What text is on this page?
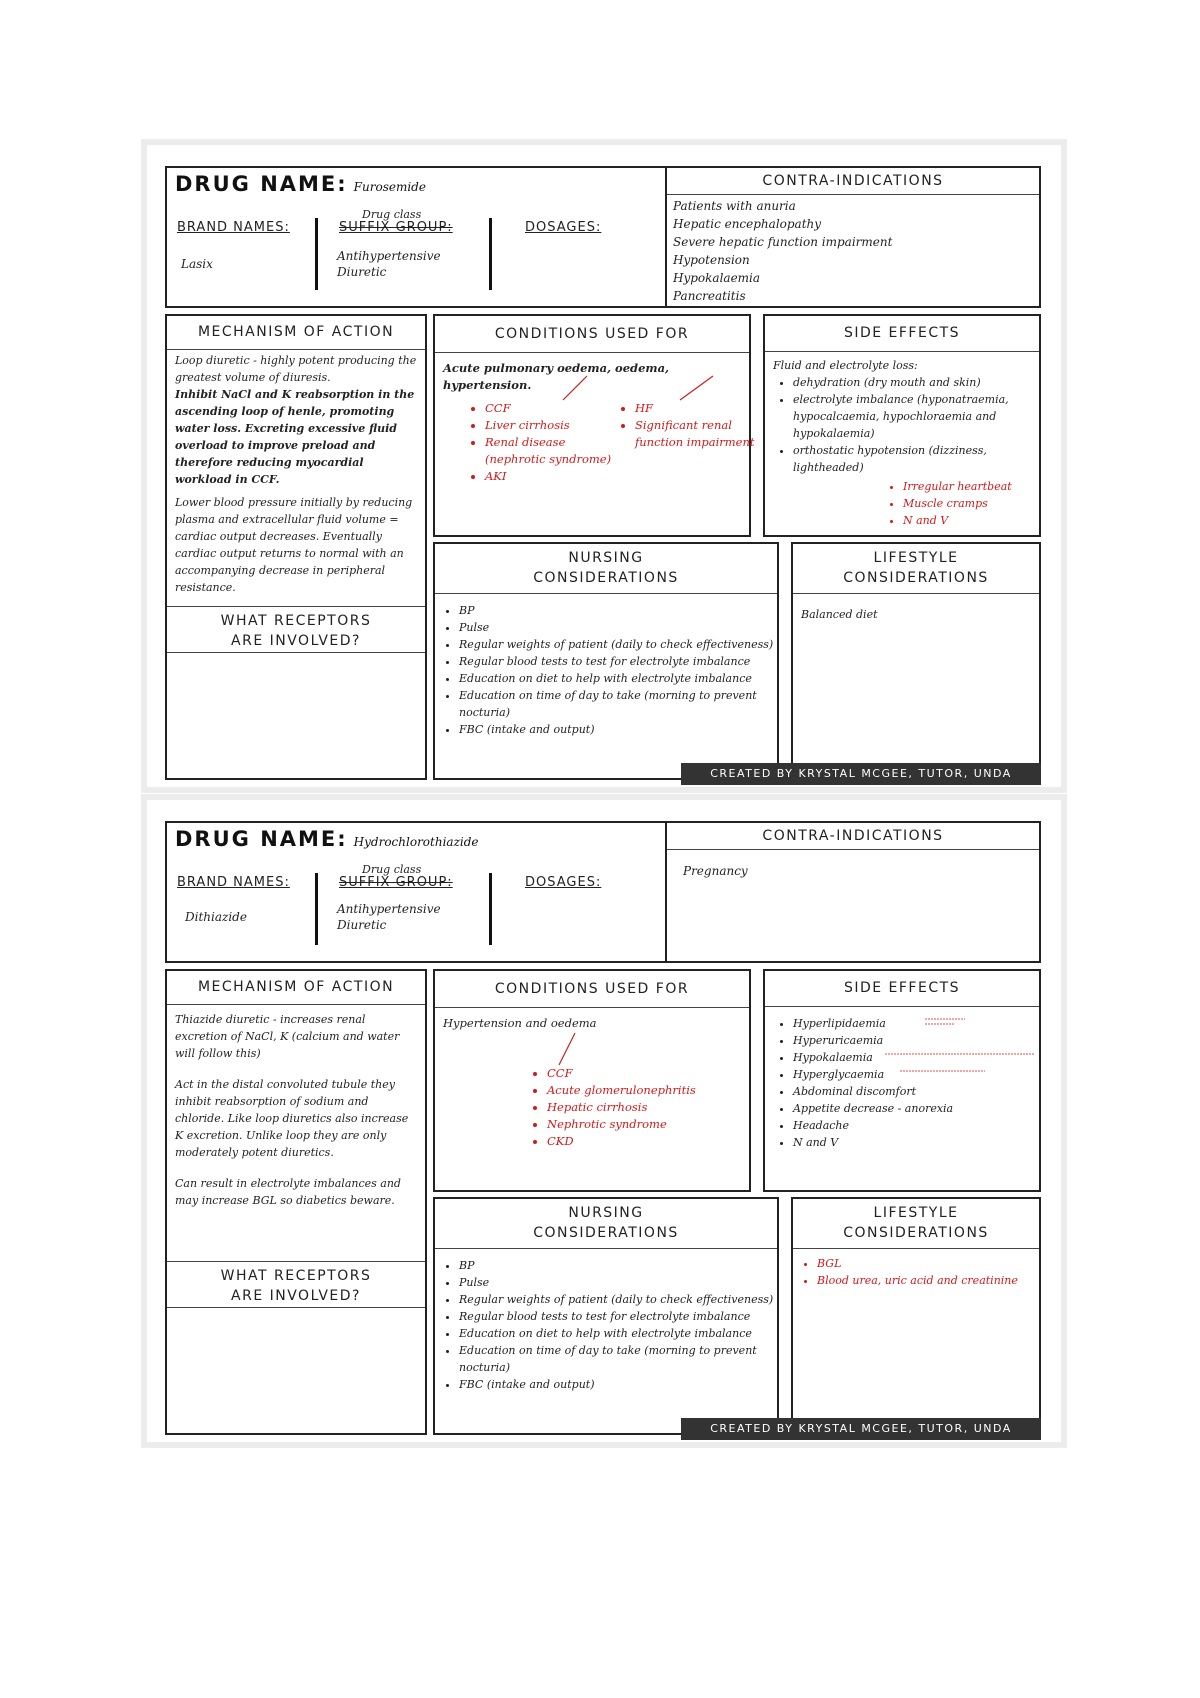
DRUG NAME: Furosemide
BRAND NAMES:
Lasix
Drug class
SUFFIX GROUP:
Antihypertensive
Diuretic
DOSAGES:
CONTRA-INDICATIONS
Patients with anuria
Hepatic encephalopathy
Severe hepatic function impairment
Hypotension
Hypokalaemia
Pancreatitis
MECHANISM OF ACTION

Loop diuretic - highly potent producing the greatest volume of diuresis.

Inhibit NaCl and K reabsorption in the ascending loop of henle, promoting water loss. Excreting excessive fluid overload to improve preload and therefore reducing myocardial workload in CCF.

Lower blood pressure initially by reducing plasma and extracellular fluid volume = cardiac output decreases. Eventually cardiac output returns to normal with an accompanying decrease in peripheral resistance.

WHAT RECEPTORS
ARE INVOLVED?
CONDITIONS USED FOR
Acute pulmonary oedema, oedema, hypertension.
• CCF
• Liver cirrhosis
• Renal disease (nephrotic syndrome)
• AKI
• HF
• Significant renal function impairment
SIDE EFFECTS
Fluid and electrolyte loss:
• dehydration (dry mouth and skin)
• electrolyte imbalance (hyponatraemia, hypocalcaemia, hypochloraemia and hypokalaemia)
• orthostatic hypotension (dizziness, lightheaded)
• Irregular heartbeat
• Muscle cramps
• N and V
NURSING
CONSIDERATIONS
• BP
• Pulse
• Regular weights of patient (daily to check effectiveness)
• Regular blood tests to test for electrolyte imbalance
• Education on diet to help with electrolyte imbalance
• Education on time of day to take (morning to prevent nocturia)
• FBC (intake and output)
LIFESTYLE
CONSIDERATIONS
Balanced diet
CREATED BY KRYSTAL MCGEE, TUTOR, UNDA
DRUG NAME: Hydrochlorothiazide
BRAND NAMES:
Dithiazide
Drug class
SUFFIX GROUP:
Antihypertensive
Diuretic
DOSAGES:
CONTRA-INDICATIONS
Pregnancy
MECHANISM OF ACTION

Thiazide diuretic - increases renal excretion of NaCl, K (calcium and water will follow this)

Act in the distal convoluted tubule they inhibit reabsorption of sodium and chloride. Like loop diuretics also increase K excretion. Unlike loop they are only moderately potent diuretics.

Can result in electrolyte imbalances and may increase BGL so diabetics beware.

WHAT RECEPTORS
ARE INVOLVED?
CONDITIONS USED FOR
Hypertension and oedema
• CCF
• Acute glomerulonephritis
• Hepatic cirrhosis
• Nephrotic syndrome
• CKD
SIDE EFFECTS
• Hyperlipidaemia
• Hyperuricaemia
• Hypokalaemia
• Hyperglycaemia
• Abdominal discomfort
• Appetite decrease - anorexia
• Headache
• N and V
NURSING
CONSIDERATIONS
• BP
• Pulse
• Regular weights of patient (daily to check effectiveness)
• Regular blood tests to test for electrolyte imbalance
• Education on diet to help with electrolyte imbalance
• Education on time of day to take (morning to prevent nocturia)
• FBC (intake and output)
LIFESTYLE
CONSIDERATIONS
• BGL
• Blood urea, uric acid and creatinine
CREATED BY KRYSTAL MCGEE, TUTOR, UNDA
